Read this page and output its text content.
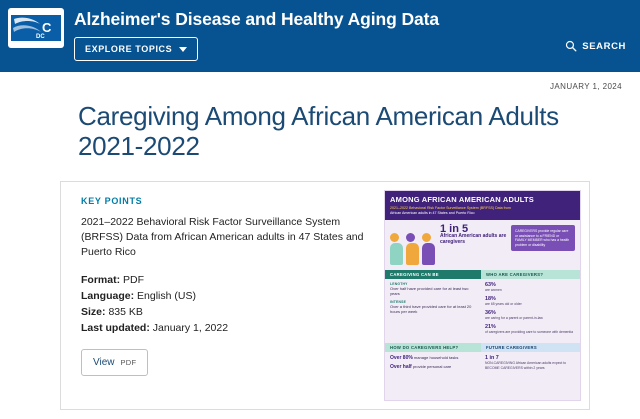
C
DC
Alzheimer's Disease and Healthy Aging Data
EXPLORE TOPICS	SEARCH
JANUARY 1, 2024
Caregiving Among African American Adults 2021-2022
KEY POINTS

2021–2022 Behavioral Risk Factor Surveillance System (BRFSS) Data from African American adults in 47 States and Puerto Rico

Format: PDF
Language: English (US)
Size: 835 KB
Last updated: January 1, 2022
View PDF
AMONG AFRICAN AMERICAN ADULTS
2021–2022 Behavioral Risk Factor Surveillance System (BRFSS) Data from
African American adults in 47 States and Puerto Rico
1 in 5
African American adults are caregivers
CAREGIVERS provide regular care or assistance to a FRIEND or FAMILY MEMBER who has a health problem or disability
CAREGIVING CAN BE
LENGTHY
Over half have provided care for at least two years
INTENSE
Over a third have provided care for at least 20 hours per week
WHO ARE CAREGIVERS?
63%
are women
18%
are 65 years old or older
36%
are caring for a parent or parent-in-law
21%
of caregivers are providing care to someone with dementia
HOW DO CAREGIVERS HELP?
Over 80% manage household tasks
Over half provide personal care
FUTURE CAREGIVERS
1 in 7
NON-CAREGIVING African American adults expect to BECOME CAREGIVERS within 2 years
